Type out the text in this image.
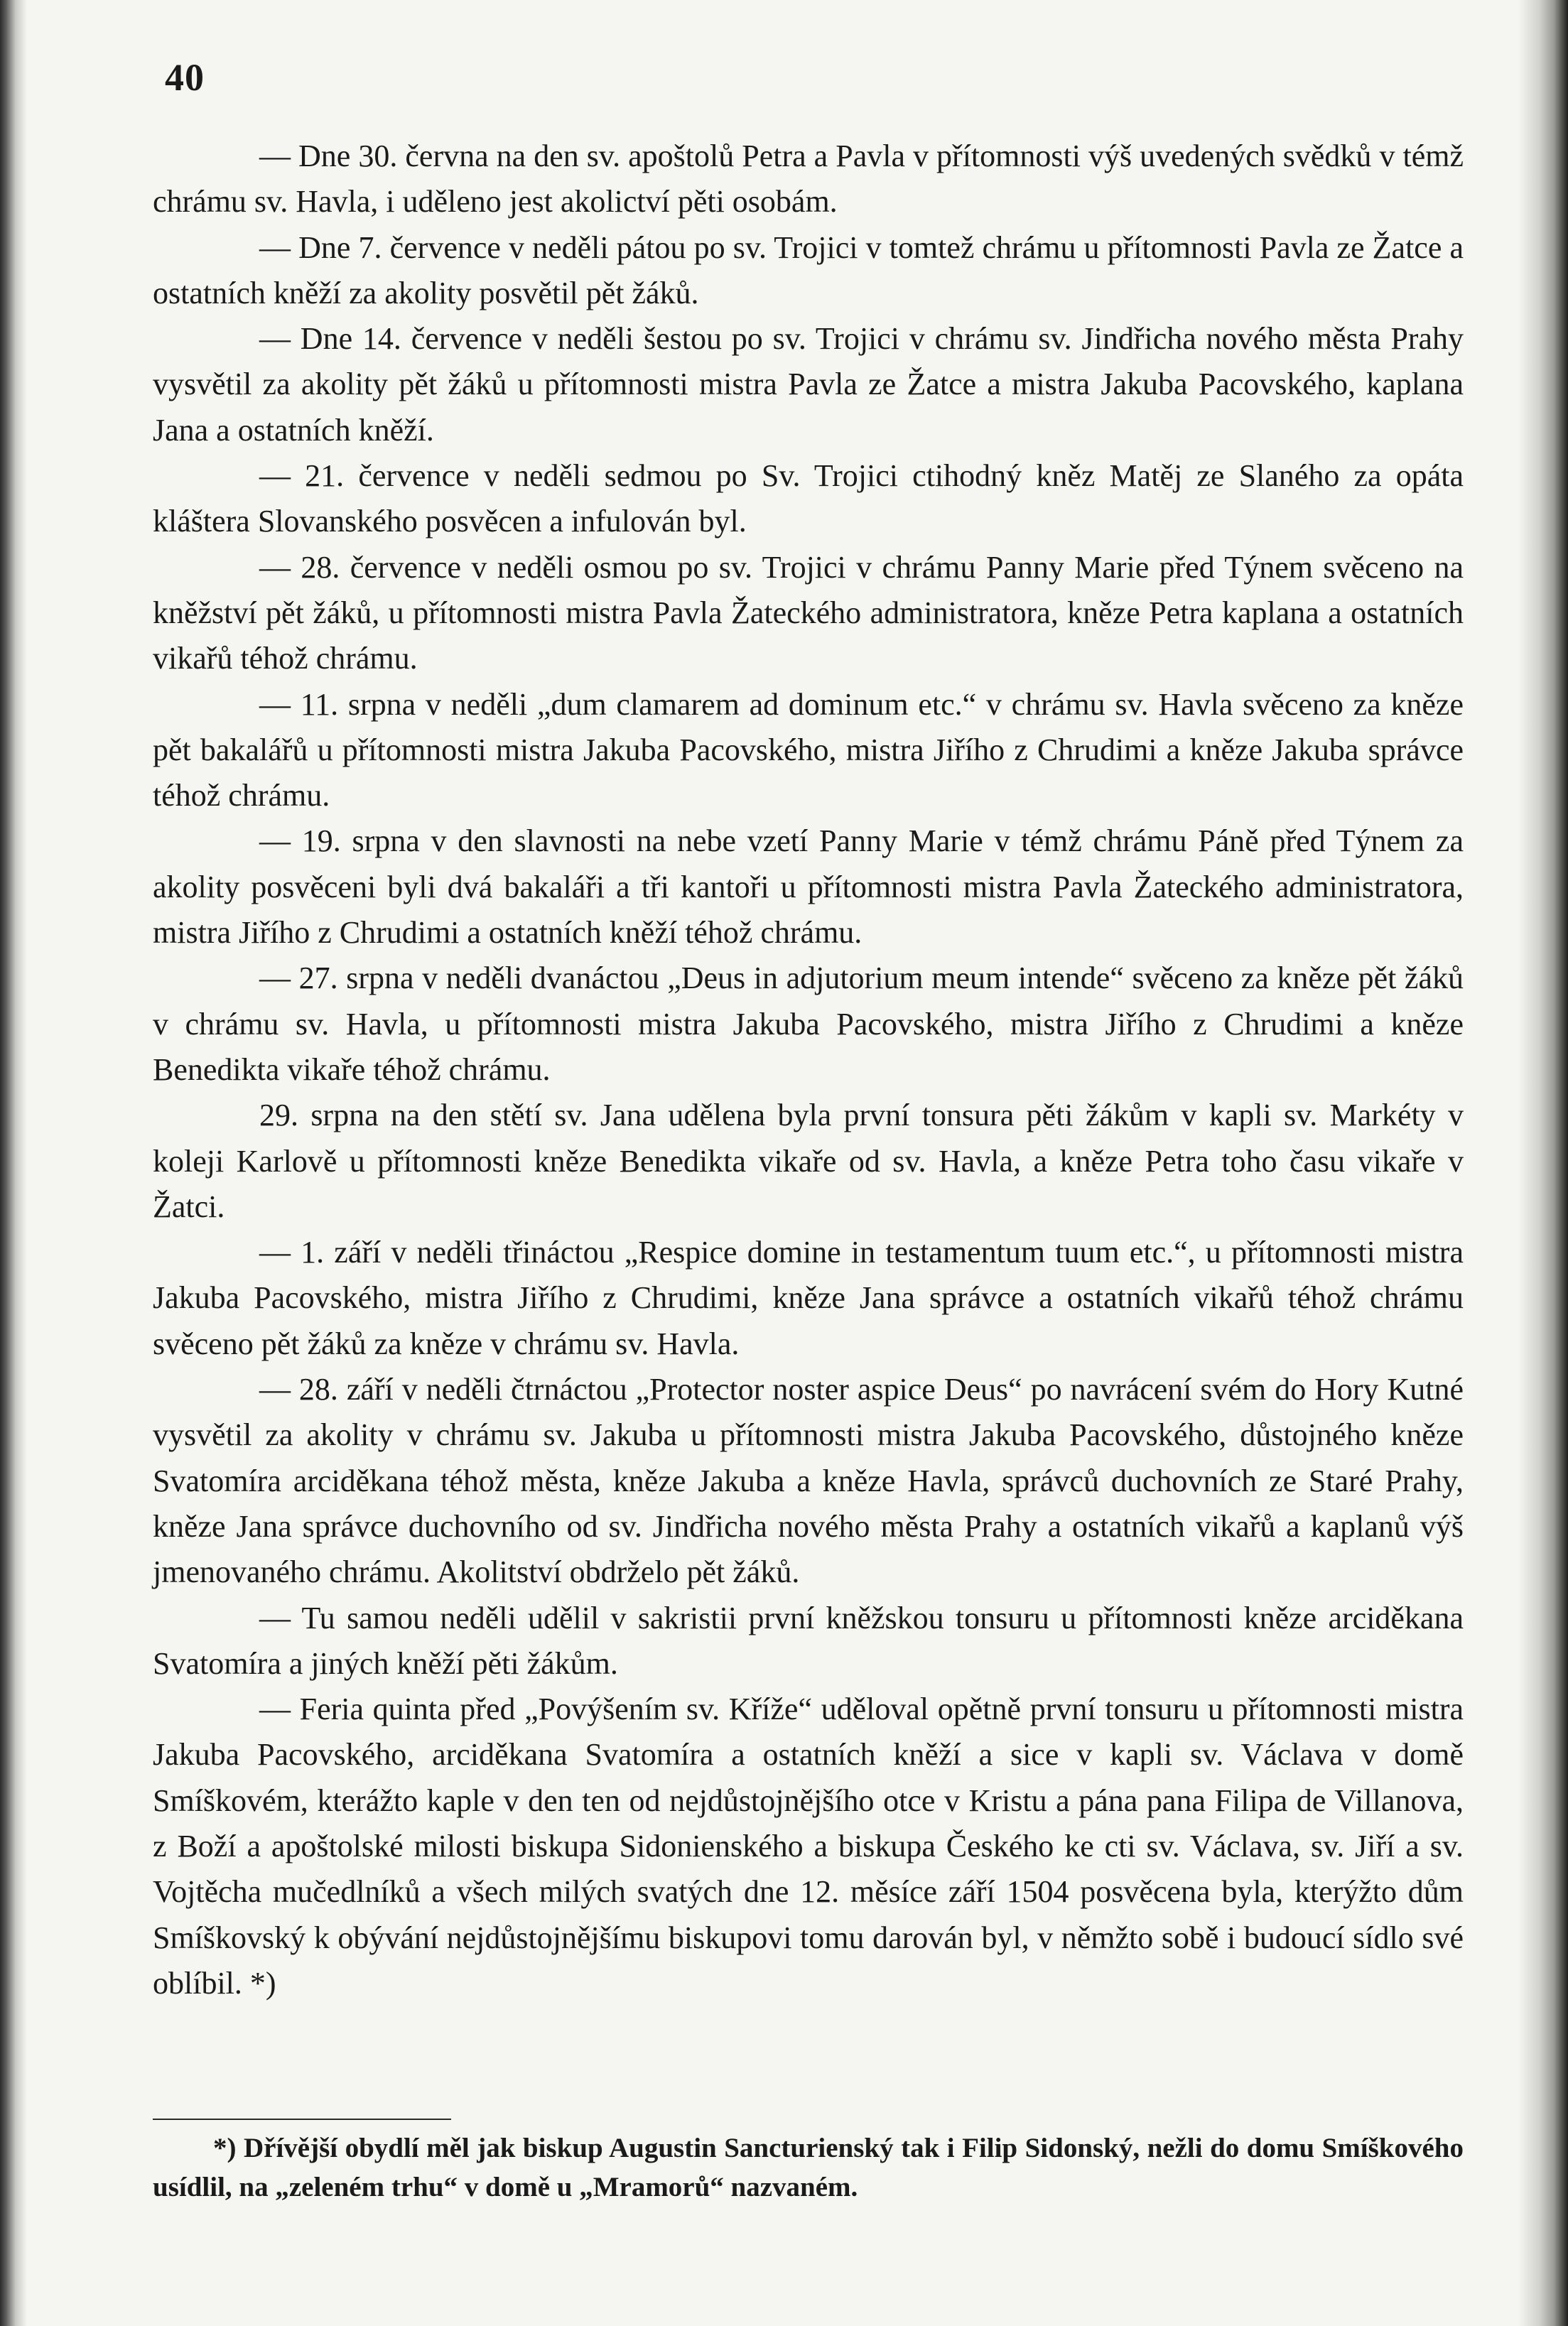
40

— Dne 30. června na den sv. apoštolů Petra a Pavla v přítomnosti výš uvedených svědků v témž chrámu sv. Havla, i uděleno jest akolictví pěti osobám.

— Dne 7. července v neděli pátou po sv. Trojici v tomtež chrámu u přítomnosti Pavla ze Žatce a ostatních kněží za akolity posvětil pět žáků.

— Dne 14. července v neděli šestou po sv. Trojici v chrámu sv. Jindřicha nového města Prahy vysvětil za akolity pět žáků u přítomnosti mistra Pavla ze Žatce a mistra Jakuba Pacovského, kaplana Jana a ostatních kněží.

— 21. července v neděli sedmou po Sv. Trojici ctihodný kněz Matěj ze Slaného za opáta kláštera Slovanského posvěcen a infulován byl.

— 28. července v neděli osmou po sv. Trojici v chrámu Panny Marie před Týnem svěceno na kněžství pět žáků, u přítomnosti mistra Pavla Žateckého administratora, kněze Petra kaplana a ostatních vikařů téhož chrámu.

— 11. srpna v neděli „dum clamarem ad dominum etc.“ v chrámu sv. Havla svěceno za kněze pět bakalářů u přítomnosti mistra Jakuba Pacovského, mistra Jiřího z Chrudimi a kněze Jakuba správce téhož chrámu.

— 19. srpna v den slavnosti na nebe vzetí Panny Marie v témž chrámu Páně před Týnem za akolity posvěceni byli dvá bakaláři a tři kantoři u přítomnosti mistra Pavla Žateckého administratora, mistra Jiřího z Chrudimi a ostatních kněží téhož chrámu.

— 27. srpna v neděli dvanáctou „Deus in adjutorium meum intende“ svěceno za kněze pět žáků v chrámu sv. Havla, u přítomnosti mistra Jakuba Pacovského, mistra Jiřího z Chrudimi a kněze Benedikta vikaře téhož chrámu.

29. srpna na den stětí sv. Jana udělena byla první tonsura pěti žákům v kapli sv. Markéty v koleji Karlově u přítomnosti kněze Benedikta vikaře od sv. Havla, a kněze Petra toho času vikaře v Žatci.

— 1. září v neděli třináctou „Respice domine in testamentum tuum etc.“, u přítomnosti mistra Jakuba Pacovského, mistra Jiřího z Chrudimi, kněze Jana správce a ostatních vikařů téhož chrámu svěceno pět žáků za kněze v chrámu sv. Havla.

— 28. září v neděli čtrnáctou „Protector noster aspice Deus“ po navrácení svém do Hory Kutné vysvětil za akolity v chrámu sv. Jakuba u přítomnosti mistra Jakuba Pacovského, důstojného kněze Svatomíra arciděkana téhož města, kněze Jakuba a kněze Havla, správců duchovních ze Staré Prahy, kněze Jana správce duchovního od sv. Jindřicha nového města Prahy a ostatních vikařů a kaplanů výš jmenovaného chrámu. Akolitství obdrželo pět žáků.

— Tu samou neděli udělil v sakristii první kněžskou tonsuru u přítomnosti kněze arciděkana Svatomíra a jiných kněží pěti žákům.

— Feria quinta před „Povýšením sv. Kříže“ uděloval opětně první tonsuru u přítomnosti mistra Jakuba Pacovského, arciděkana Svatomíra a ostatních kněží a sice v kapli sv. Václava v domě Smíškovém, kterážto kaple v den ten od nejdůstojnějšího otce v Kristu a pána pana Filipa de Villanova, z Boží a apoštolské milosti biskupa Sidonienského a biskupa Českého ke cti sv. Václava, sv. Jiří a sv. Vojtěcha mučedlníků a všech milých svatých dne 12. měsíce září 1504 posvěcena byla, kterýžto dům Smíškovský k obývání nejdůstojnějšímu biskupovi tomu darován byl, v němžto sobě i budoucí sídlo své oblíbil. *)

*) Dřívější obydlí měl jak biskup Augustin Sancturienský tak i Filip Sidonský, nežli do domu Smíškového usídlil, na „zeleném trhu“ v domě u „Mramorů“ nazvaném.
